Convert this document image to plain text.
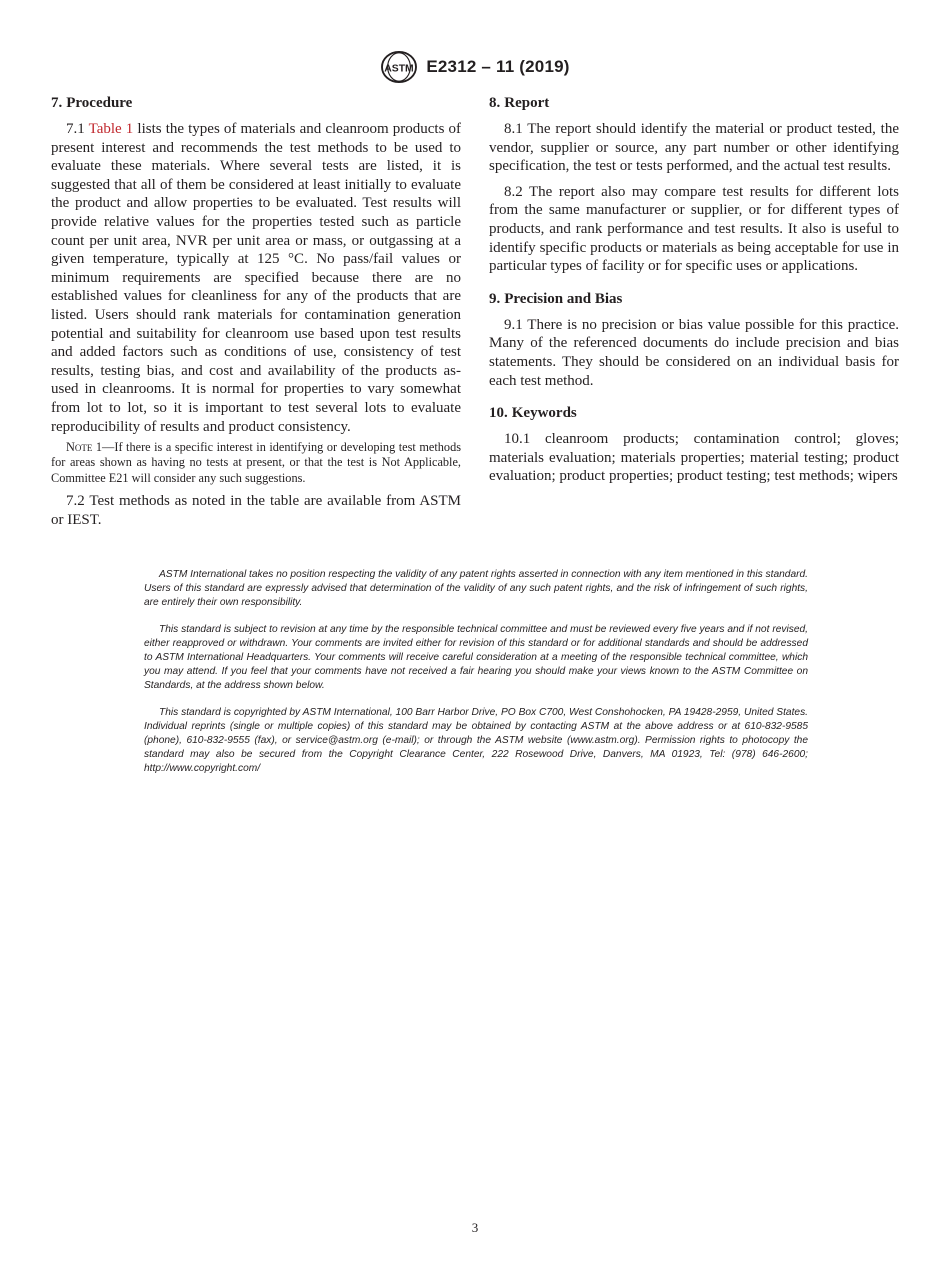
ASTM E2312 – 11 (2019)
7. Procedure

7.1 Table 1 lists the types of materials and cleanroom products of present interest and recommends the test methods to be used to evaluate these materials. Where several tests are listed, it is suggested that all of them be considered at least initially to evaluate the product and allow properties to be evaluated. Test results will provide relative values for the properties tested such as particle count per unit area, NVR per unit area or mass, or outgassing at a given temperature, typically at 125 °C. No pass/fail values or minimum requirements are specified because there are no established values for cleanliness for any of the products that are listed. Users should rank materials for contamination generation potential and suitability for cleanroom use based upon test results and added factors such as conditions of use, consistency of test results, testing bias, and cost and availability of the products as-used in cleanrooms. It is normal for properties to vary somewhat from lot to lot, so it is important to test several lots to evaluate reproducibility of results and product consistency.

Note 1—If there is a specific interest in identifying or developing test methods for areas shown as having no tests at present, or that the test is Not Applicable, Committee E21 will consider any such suggestions.

7.2 Test methods as noted in the table are available from ASTM or IEST.

8. Report

8.1 The report should identify the material or product tested, the vendor, supplier or source, any part number or other identifying specification, the test or tests performed, and the actual test results.

8.2 The report also may compare test results for different lots from the same manufacturer or supplier, or for different types of products, and rank performance and test results. It also is useful to identify specific products or materials as being acceptable for use in particular types of facility or for specific uses or applications.

9. Precision and Bias

9.1 There is no precision or bias value possible for this practice. Many of the referenced documents do include precision and bias statements. They should be considered on an individual basis for each test method.

10. Keywords

10.1 cleanroom products; contamination control; gloves; materials evaluation; materials properties; material testing; product evaluation; product properties; product testing; test methods; wipers

ASTM International takes no position respecting the validity of any patent rights asserted in connection with any item mentioned in this standard. Users of this standard are expressly advised that determination of the validity of any such patent rights, and the risk of infringement of such rights, are entirely their own responsibility.

This standard is subject to revision at any time by the responsible technical committee and must be reviewed every five years and if not revised, either reapproved or withdrawn. Your comments are invited either for revision of this standard or for additional standards and should be addressed to ASTM International Headquarters. Your comments will receive careful consideration at a meeting of the responsible technical committee, which you may attend. If you feel that your comments have not received a fair hearing you should make your views known to the ASTM Committee on Standards, at the address shown below.

This standard is copyrighted by ASTM International, 100 Barr Harbor Drive, PO Box C700, West Conshohocken, PA 19428-2959, United States. Individual reprints (single or multiple copies) of this standard may be obtained by contacting ASTM at the above address or at 610-832-9585 (phone), 610-832-9555 (fax), or service@astm.org (e-mail); or through the ASTM website (www.astm.org). Permission rights to photocopy the standard may also be secured from the Copyright Clearance Center, 222 Rosewood Drive, Danvers, MA 01923, Tel: (978) 646-2600; http://www.copyright.com/

3
